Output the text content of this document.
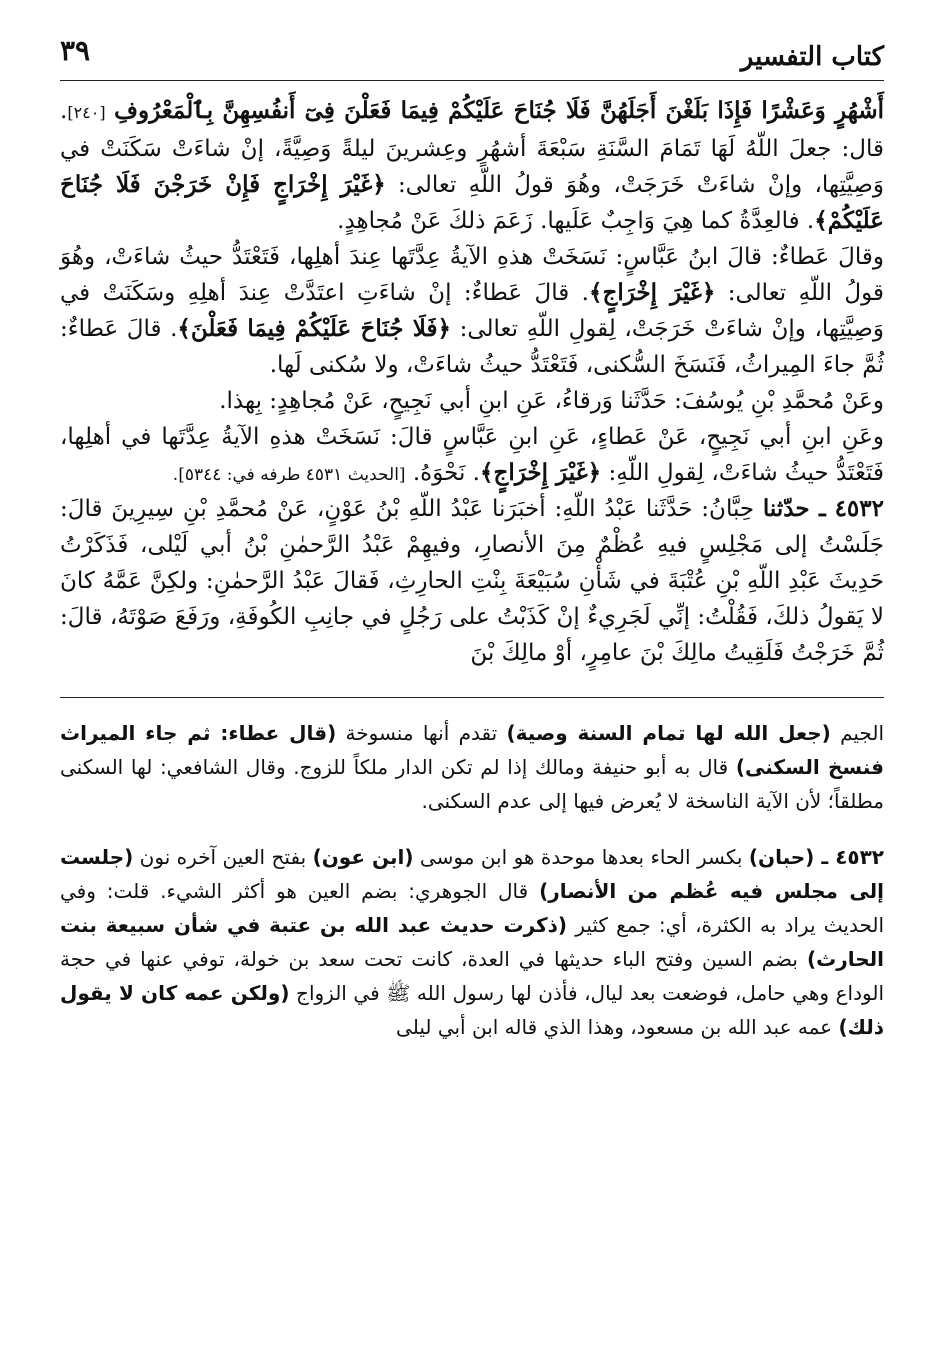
كتاب التفسير
٣٩

أَشْهُرٍ وَعَشْرًا فَإِذَا بَلَغْنَ أَجَلَهُنَّ فَلَا جُنَاحَ عَلَيْكُمْ فِيمَا فَعَلْنَ فِىٓ أَنفُسِهِنَّ بِٱلْمَعْرُوفِ [٢٤٠]. قال: جعلَ اللّهُ لَهَا تَمَامَ السَّنَةِ سَبْعَةَ أشهُرٍ وعِشرينَ ليلةً وَصِيَّةً، إنْ شاءَتْ سَكَنَتْ في وَصِيَّتِها، وإنْ شاءَتْ خَرَجَتْ، وهُوَ قولُ اللّهِ تعالى: ﴿غَيْرَ إِخْرَاجٍ فَإِنْ خَرَجْنَ فَلَا جُنَاحَ عَلَيْكُمْ﴾. فالعِدَّةُ كما هِيَ وَاجِبٌ عَلَيها. زَعَمَ ذلكَ عَنْ مُجاهِدٍ.

وقالَ عَطاءٌ: قالَ ابنُ عَبَّاسٍ: نَسَخَتْ هذهِ الآيةُ عِدَّتَها عِندَ أهلِها، فَتَعْتَدُّ حيثُ شاءَتْ، وهُوَ قولُ اللّهِ تعالى: ﴿غَيْرَ إِخْرَاجٍ﴾. قالَ عَطاءٌ: إنْ شاءَتِ اعتَدَّتْ عِندَ أهلِهِ وسَكَنَتْ في وَصِيَّتِها، وإنْ شاءَتْ خَرَجَتْ، لِقولِ اللّهِ تعالى: ﴿فَلَا جُنَاحَ عَلَيْكُمْ فِيمَا فَعَلْنَ﴾. قالَ عَطاءٌ: ثُمَّ جاءَ المِيراثُ، فَنَسَخَ السُّكنى، فَتَعْتَدُّ حيثُ شاءَتْ، ولا سُكنى لَها.

وعَنْ مُحمَّدِ بْنِ يُوسُفَ: حَدَّثَنا وَرقاءُ، عَنِ ابنِ أبي نَجِيحٍ، عَنْ مُجاهِدٍ: بِهذا.

وعَنِ ابنِ أبي نَجِيحٍ، عَنْ عَطاءٍ، عَنِ ابنِ عَبَّاسٍ قالَ: نَسَخَتْ هذهِ الآيةُ عِدَّتَها في أهلِها، فَتَعْتَدُّ حيثُ شاءَتْ، لِقولِ اللّهِ: ﴿غَيْرَ إِخْرَاجٍ﴾. نَحْوَهُ. [الحديث ٤٥٣١ طرفه في: ٥٣٤٤].

٤٥٣٢ ـ حدّثنا حِبَّانُ: حَدَّثَنا عَبْدُ اللّهِ: أخبَرَنا عَبْدُ اللّهِ بْنُ عَوْنٍ، عَنْ مُحمَّدِ بْنِ سِيرِينَ قالَ: جَلَسْتُ إلى مَجْلِسٍ فيهِ عُظْمٌ مِنَ الأنصارِ، وفيهِمْ عَبْدُ الرَّحمٰنِ بْنُ أبي لَيْلى، فَذَكَرْتُ حَدِيثَ عَبْدِ اللّهِ بْنِ عُتْبَةَ في شَأْنِ سُبَيْعَةَ بِنْتِ الحارِثِ، فَقالَ عَبْدُ الرَّحمٰنِ: ولكِنَّ عَمَّهُ كانَ لا يَقولُ ذلكَ، فَقُلْتُ: إنِّي لَجَرِيءٌ إنْ كَذَبْتُ على رَجُلٍ في جانِبِ الكُوفَةِ، ورَفَعَ صَوْتَهُ، قالَ: ثُمَّ خَرَجْتُ فَلَقِيتُ مالِكَ بْنَ عامِرٍ، أوْ مالِكَ بْنَ

الجيم (جعل الله لها تمام السنة وصية) تقدم أنها منسوخة (قال عطاء: ثم جاء الميراث فنسخ السكنى) قال به أبو حنيفة ومالك إذا لم تكن الدار ملكاً للزوج. وقال الشافعي: لها السكنى مطلقاً؛ لأن الآية الناسخة لا يُعرض فيها إلى عدم السكنى.

٤٥٣٢ ـ (حبان) بكسر الحاء بعدها موحدة هو ابن موسى (ابن عون) بفتح العين آخره نون (جلست إلى مجلس فيه عُظم من الأنصار) قال الجوهري: بضم العين هو أكثر الشيء. قلت: وفي الحديث يراد به الكثرة، أي: جمع كثير (ذكرت حديث عبد الله بن عتبة في شأن سبيعة بنت الحارث) بضم السين وفتح الباء حديثها في العدة، كانت تحت سعد بن خولة، توفي عنها في حجة الوداع وهي حامل، فوضعت بعد ليال، فأذن لها رسول الله ﷺ في الزواج (ولكن عمه كان لا يقول ذلك) عمه عبد الله بن مسعود، وهذا الذي قاله ابن أبي ليلى
